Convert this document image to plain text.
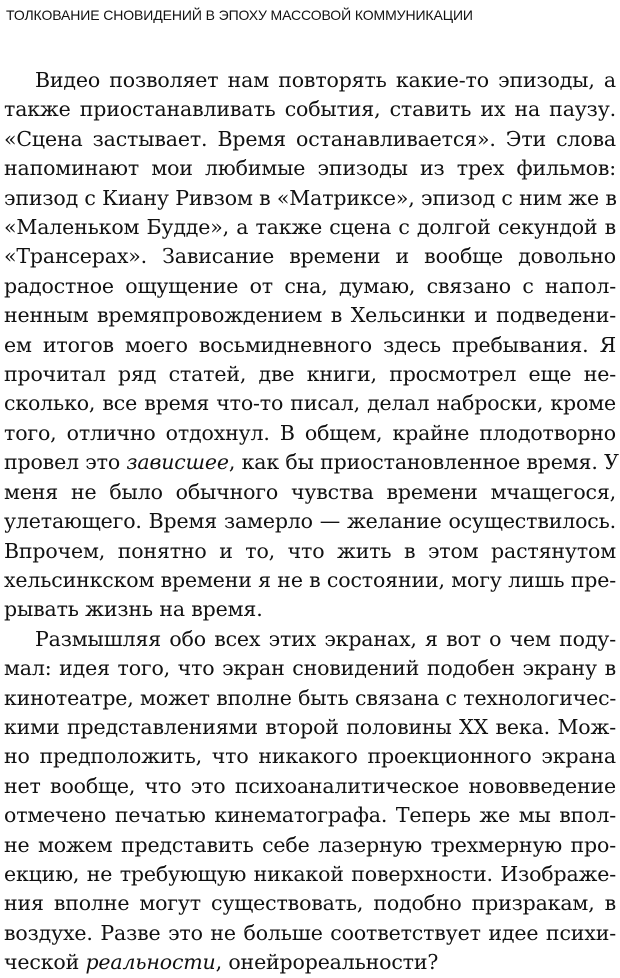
ТОЛКОВАНИЕ СНОВИДЕНИЙ В ЭПОХУ МАССОВОЙ КОММУНИКАЦИИ
Видео позволяет нам повторять какие-то эпизоды, а
также приостанавливать события, ставить их на паузу.
«Сцена застывает. Время останавливается». Эти слова
напоминают мои любимые эпизоды из трех фильмов:
эпизод с Киану Ривзом в «Матриксе», эпизод с ним же в
«Маленьком Будде», а также сцена с долгой секундой в
«Трансерах». Зависание времени и вообще довольно
радостное ощущение от сна, думаю, связано с напол-
ненным времяпровождением в Хельсинки и подведени-
ем итогов моего восьмидневного здесь пребывания. Я
прочитал ряд статей, две книги, просмотрел еще не-
сколько, все время что-то писал, делал наброски, кроме
того, отлично отдохнул. В общем, крайне плодотворно
провел это зависшее, как бы приостановленное время. У
меня не было обычного чувства времени мчащегося,
улетающего. Время замерло — желание осуществилось.
Впрочем, понятно и то, что жить в этом растянутом
хельсинкском времени я не в состоянии, могу лишь пре-
рывать жизнь на время.
Размышляя обо всех этих экранах, я вот о чем поду-
мал: идея того, что экран сновидений подобен экрану в
кинотеатре, может вполне быть связана с технологичес-
кими представлениями второй половины XX века. Мож-
но предположить, что никакого проекционного экрана
нет вообще, что это психоаналитическое нововведение
отмечено печатью кинематографа. Теперь же мы впол-
не можем представить себе лазерную трехмерную про-
екцию, не требующую никакой поверхности. Изображе-
ния вполне могут существовать, подобно призракам, в
воздухе. Разве это не больше соответствует идее психи-
ческой реальности, онейрореальности?
